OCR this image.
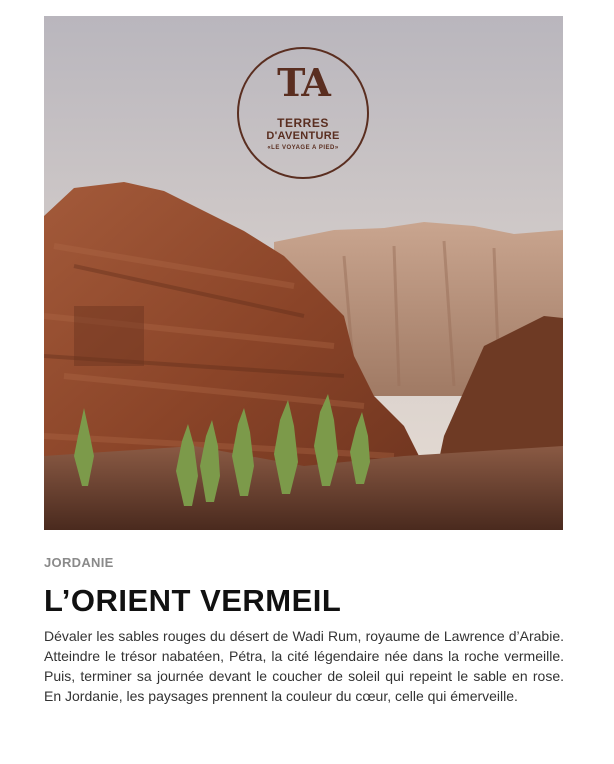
TA
TERRES
D'AVENTURE
«LE VOYAGE A PIED»
JORDANIE
L’ORIENT VERMEIL

Dévaler les sables rouges du désert de Wadi Rum, royaume de Lawrence d’Arabie. Atteindre le trésor nabatéen, Pétra, la cité légendaire née dans la roche vermeille. Puis, terminer sa journée devant le coucher de soleil qui repeint le sable en rose. En Jordanie, les paysages prennent la couleur du cœur, celle qui émerveille.
